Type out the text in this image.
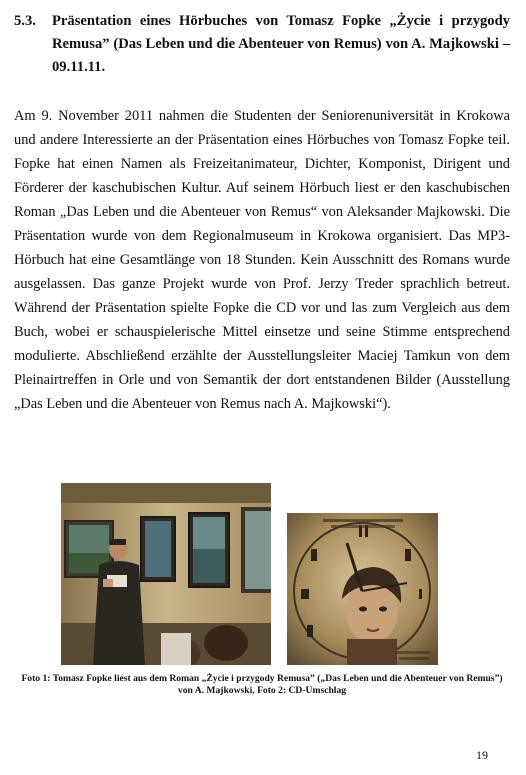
5.3. Präsentation eines Hörbuches von Tomasz Fopke „Życie i przygody Remusa” (Das Leben und die Abenteuer von Remus) von A. Majkowski – 09.11.11.
Am 9. November 2011 nahmen die Studenten der Seniorenuniversität in Krokowa und andere Interessierte an der Präsentation eines Hörbuches von Tomasz Fopke teil. Fopke hat einen Namen als Freizeitanimateur, Dichter, Komponist, Dirigent und Förderer der kaschubischen Kultur. Auf seinem Hörbuch liest er den kaschubischen Roman „Das Leben und die Abenteuer von Remus“ von Aleksander Majkowski. Die Präsentation wurde von dem Regionalmuseum in Krokowa organisiert. Das MP3-Hörbuch hat eine Gesamtlänge von 18 Stunden. Kein Ausschnitt des Romans wurde ausgelassen. Das ganze Projekt wurde von Prof. Jerzy Treder sprachlich betreut. Während der Präsentation spielte Fopke die CD vor und las zum Vergleich aus dem Buch, wobei er schauspielerische Mittel einsetze und seine Stimme entsprechend modulierte. Abschließend erzählte der Ausstellungsleiter Maciej Tamkun von dem Pleinairtreffen in Orle und von Semantik der dort entstandenen Bilder (Ausstellung „Das Leben und die Abenteuer von Remus nach A. Majkowski“).
Foto 1: Tomasz Fopke liest aus dem Roman „Życie i przygody Remusa” („Das Leben und die Abenteuer von Remus”) von A. Majkowski, Foto 2: CD-Umschlag
19
